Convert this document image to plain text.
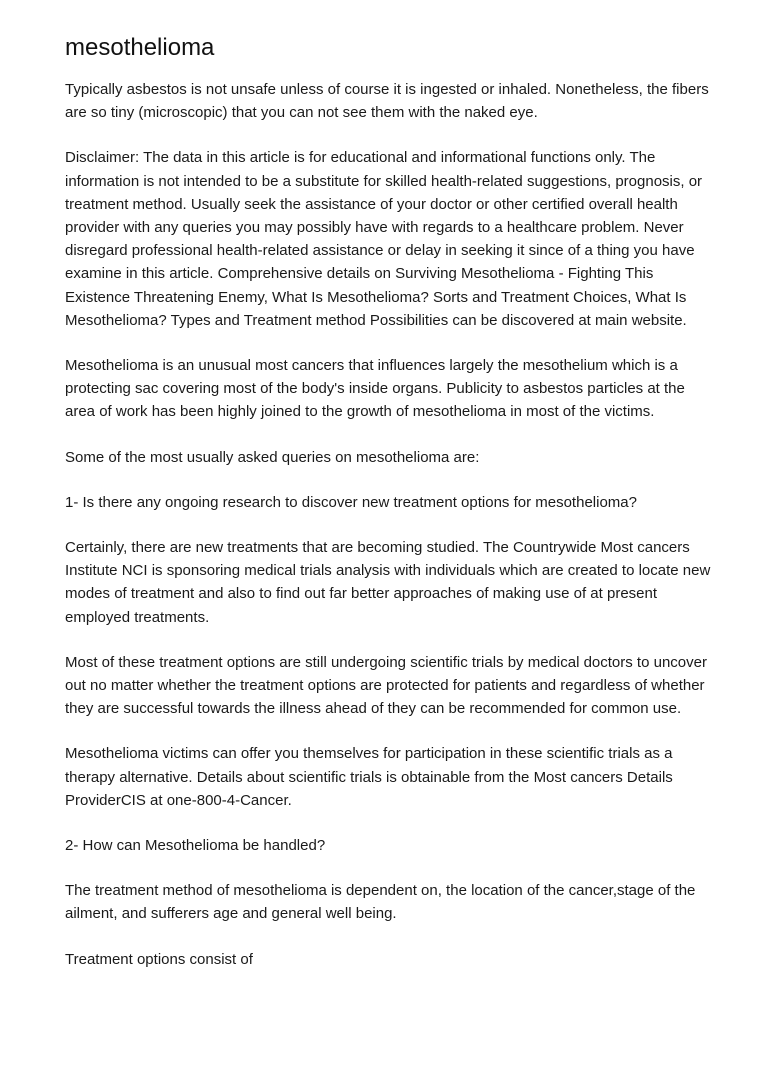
mesothelioma

Typically asbestos is not unsafe unless of course it is ingested or inhaled. Nonetheless, the fibers are so tiny (microscopic) that you can not see them with the naked eye.

Disclaimer: The data in this article is for educational and informational functions only. The information is not intended to be a substitute for skilled health-related suggestions, prognosis, or treatment method. Usually seek the assistance of your doctor or other certified overall health provider with any queries you may possibly have with regards to a healthcare problem. Never disregard professional health-related assistance or delay in seeking it since of a thing you have examine in this article. Comprehensive details on Surviving Mesothelioma - Fighting This Existence Threatening Enemy, What Is Mesothelioma? Sorts and Treatment Choices, What Is Mesothelioma? Types and Treatment method Possibilities can be discovered at main website.

Mesothelioma is an unusual most cancers that influences largely the mesothelium which is a protecting sac covering most of the body's inside organs. Publicity to asbestos particles at the area of work has been highly joined to the growth of mesothelioma in most of the victims.

Some of the most usually asked queries on mesothelioma are:

1- Is there any ongoing research to discover new treatment options for mesothelioma?

Certainly, there are new treatments that are becoming studied. The Countrywide Most cancers Institute NCI is sponsoring medical trials analysis with individuals which are created to locate new modes of treatment and also to find out far better approaches of making use of at present employed treatments.

Most of these treatment options are still undergoing scientific trials by medical doctors to uncover out no matter whether the treatment options are protected for patients and regardless of whether they are successful towards the illness ahead of they can be recommended for common use.

Mesothelioma victims can offer you themselves for participation in these scientific trials as a therapy alternative. Details about scientific trials is obtainable from the Most cancers Details ProviderCIS at one-800-4-Cancer.

2- How can Mesothelioma be handled?

The treatment method of mesothelioma is dependent on, the location of the cancer,stage of the ailment, and sufferers age and general well being.

Treatment options consist of
